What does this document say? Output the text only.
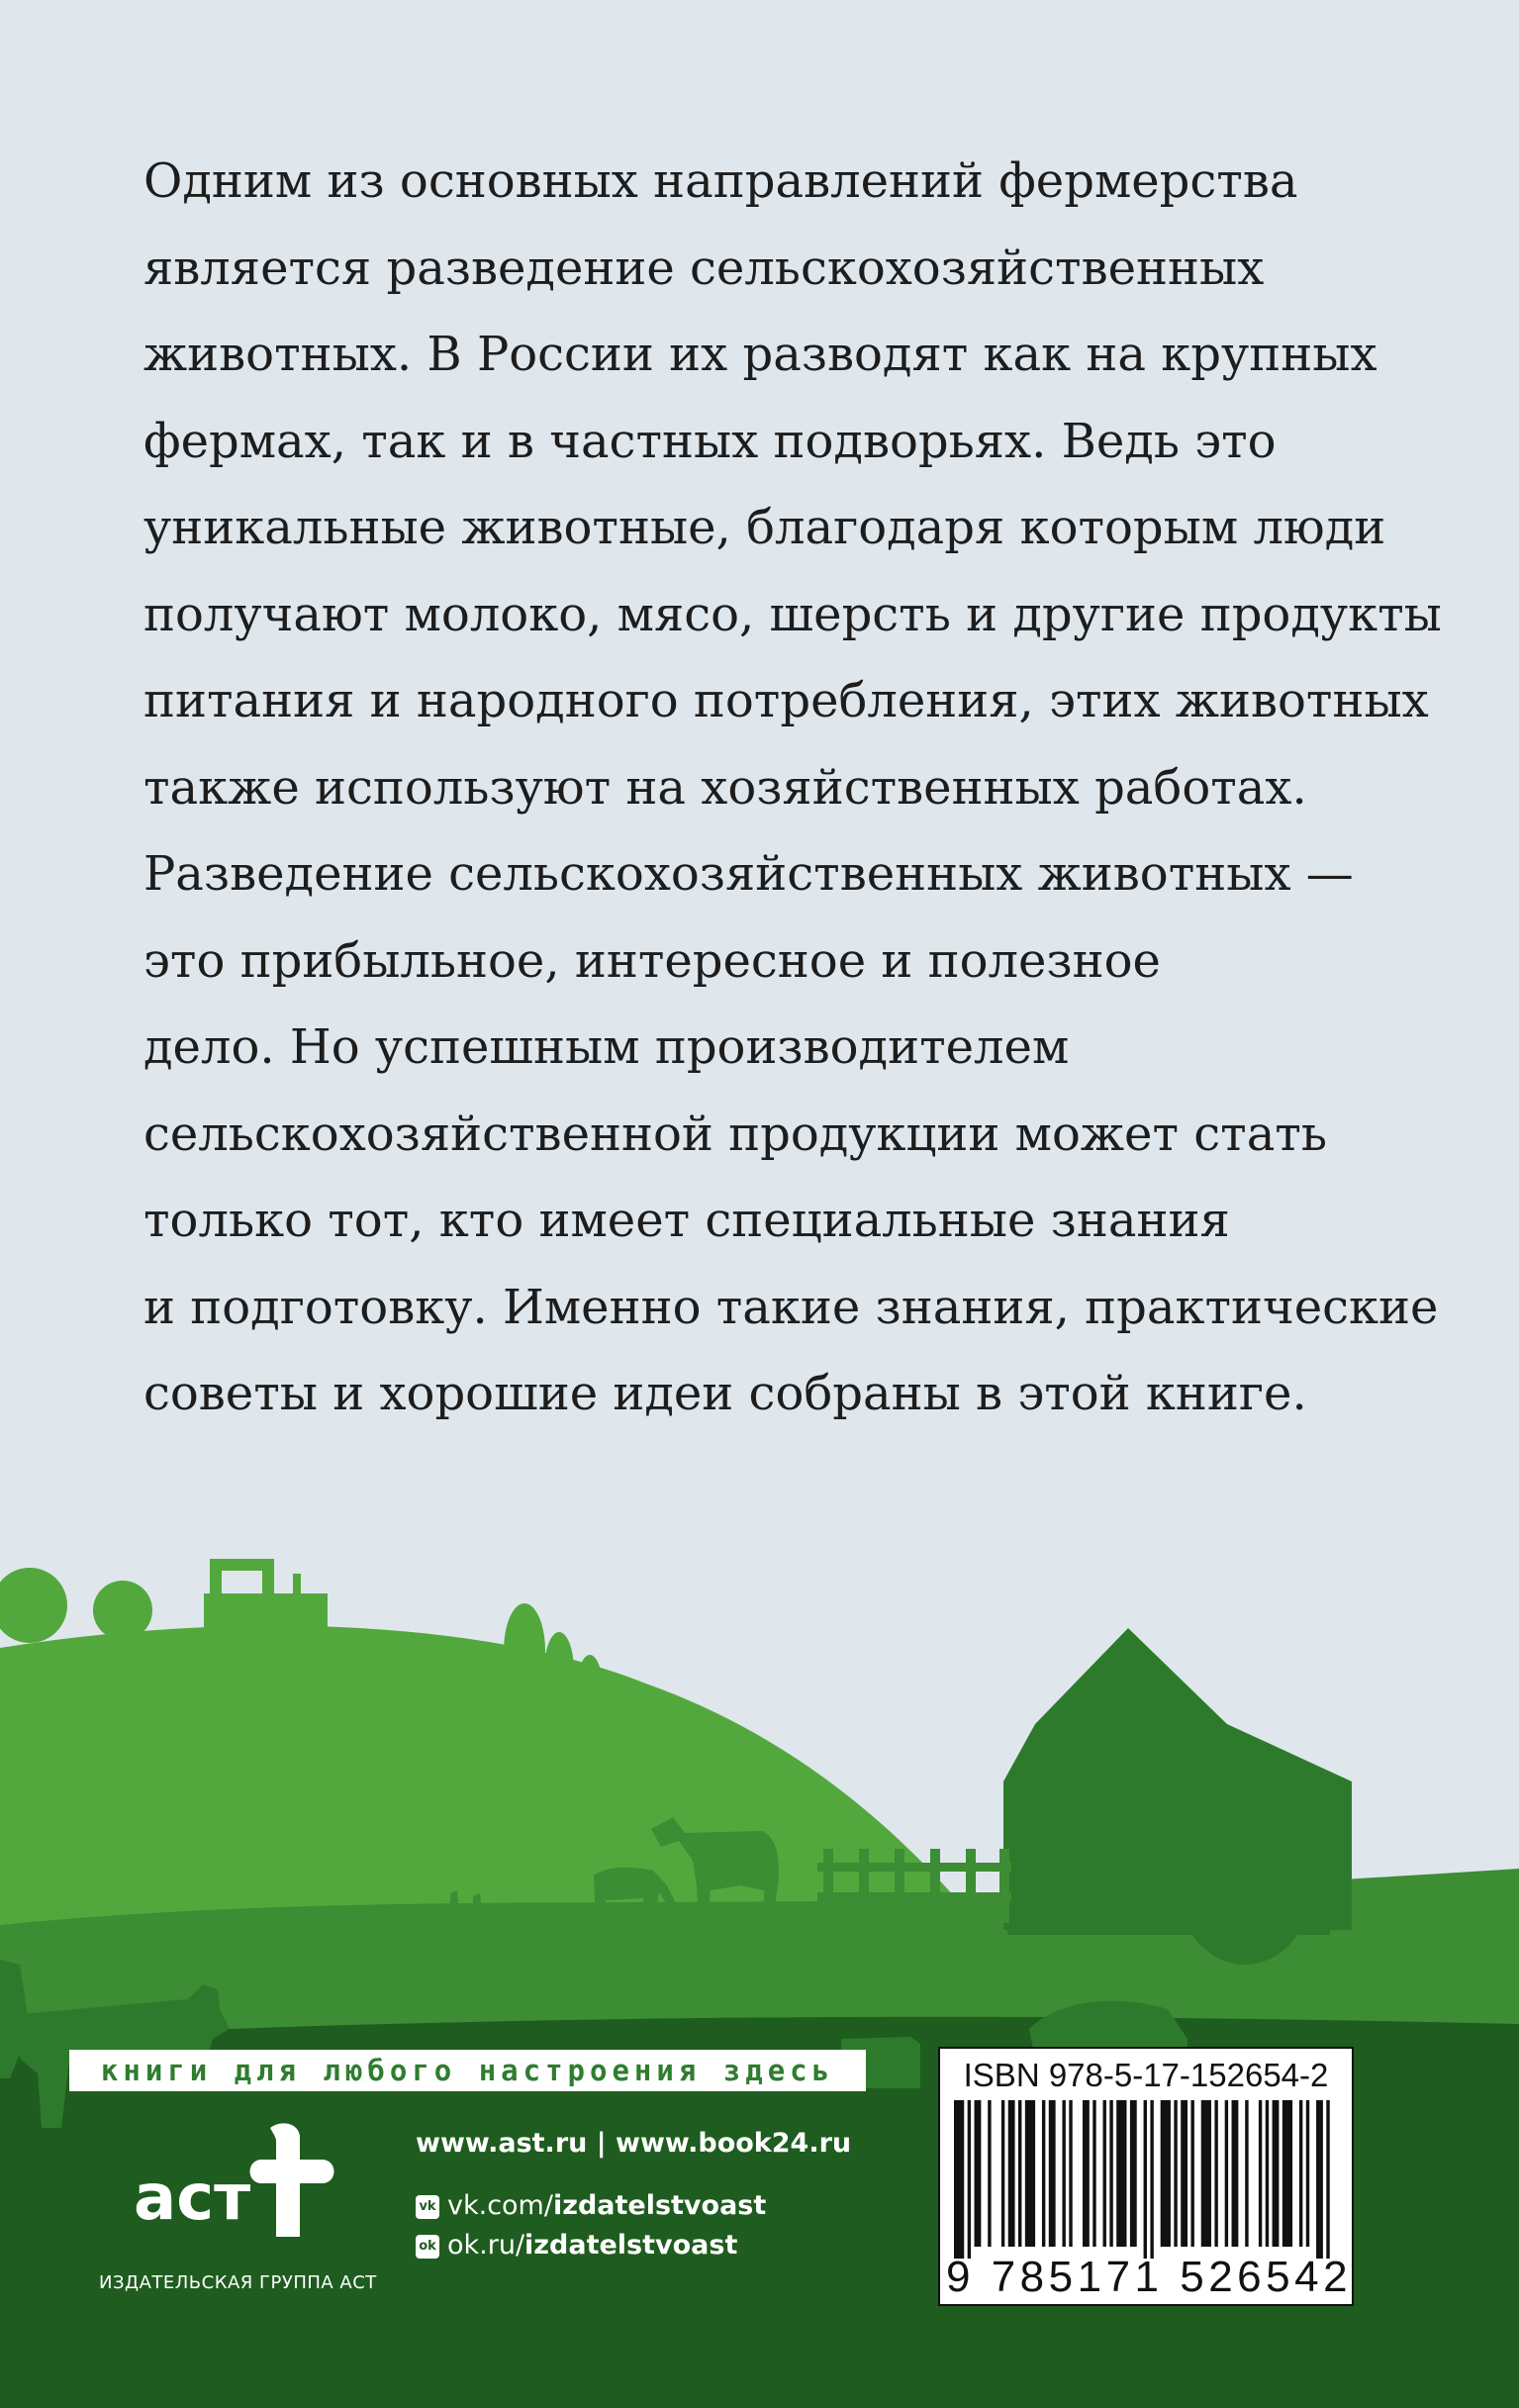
Одним из основных направлений фермерства
является разведение сельскохозяйственных
животных. В России их разводят как на крупных
фермах, так и в частных подворьях. Ведь это
уникальные животные, благодаря которым люди
получают молоко, мясо, шерсть и другие продукты
питания и народного потребления, этих животных
также используют на хозяйственных работах.
Разведение сельскохозяйственных животных —
это прибыльное, интересное и полезное
дело. Но успешным производителем
сельскохозяйственной продукции может стать
только тот, кто имеет специальные знания
и подготовку. Именно такие знания, практические
советы и хорошие идеи собраны в этой книге.
книги для любого настроения здесь
аст
ИЗДАТЕЛЬСКАЯ ГРУППА АСТ
www.ast.ru | www.book24.ru
vk vk.com/izdatelstvoast
ok ok.ru/izdatelstvoast
ISBN 978-5-17-152654-2
9 785171 526542
